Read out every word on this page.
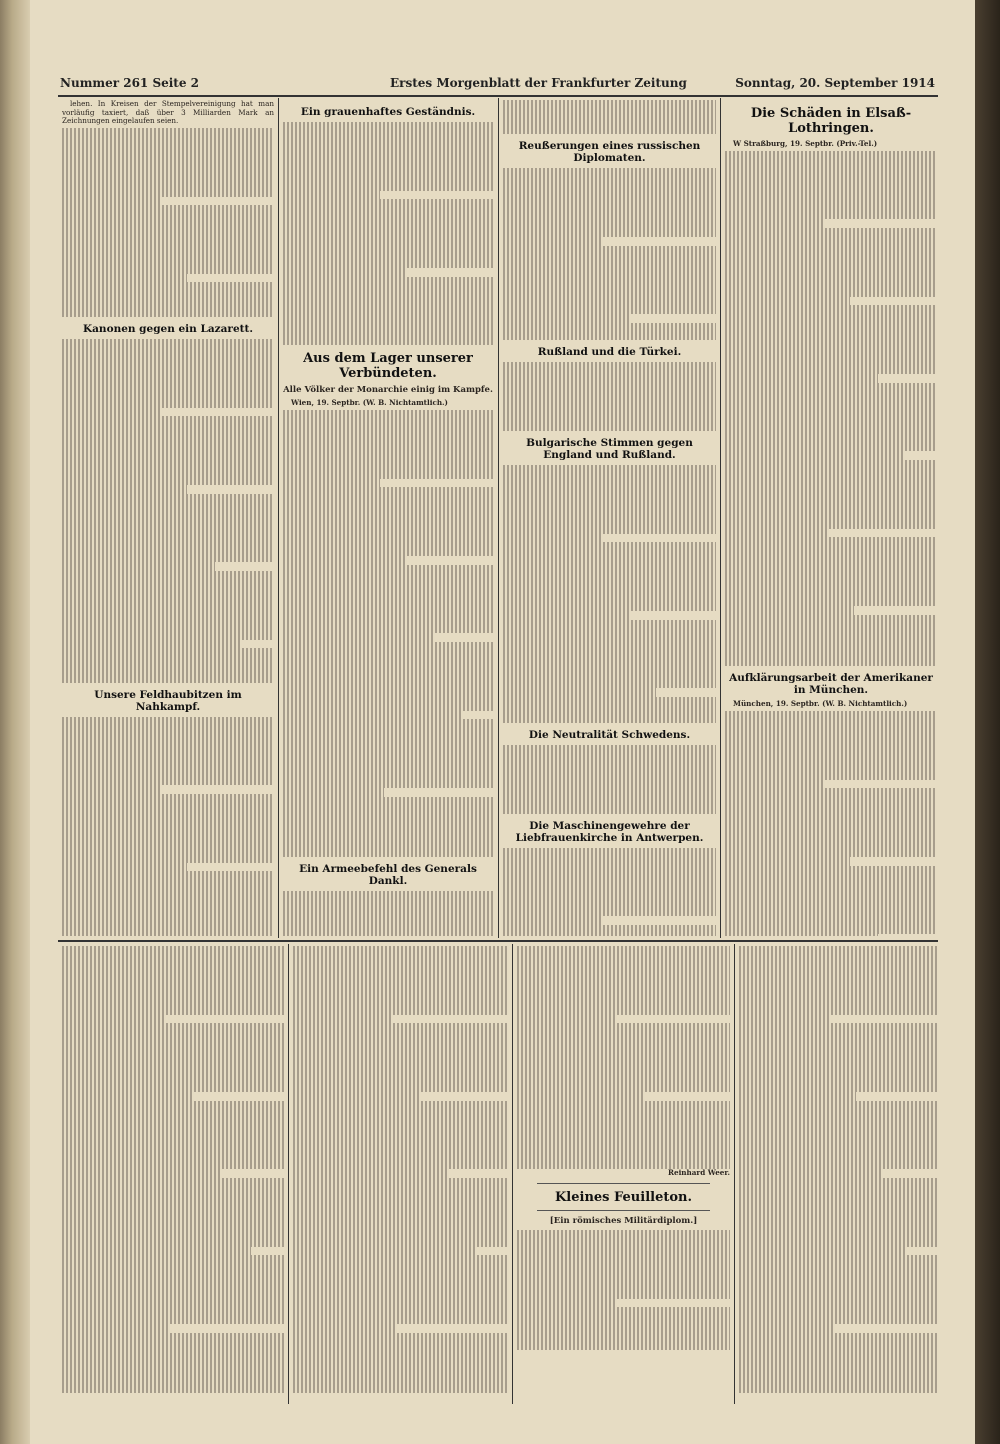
Nummer 261 Seite 2	Erstes Morgenblatt der Frankfurter Zeitung	Sonntag, 20. September 1914

lehen. In Kreisen der Stempelvereinigung hat man vorläufig taxiert, daß über 3 Milliarden Mark an Zeichnungen eingelaufen seien.

Kanonen gegen ein Lazarett.
Unsere Feldhaubitzen im Nahkampf.
Ein grauenhaftes Geständnis.
Aus dem Lager unserer Verbündeten.
Alle Völker der Monarchie einig im Kampfe.

Wien, 19. Septbr. (W. B. Nichtamtlich.)

Ein Armeebefehl des Generals Dankl.
Reußerungen eines russischen Diplomaten.
Rußland und die Türkei.
Bulgarische Stimmen gegen England und Rußland.
Die Neutralität Schwedens.
Die Maschinengewehre der Liebfrauenkirche in Antwerpen.
Die Schäden in Elsaß-Lothringen.

W Straßburg, 19. Septbr. (Priv.-Tel.)

Aufklärungsarbeit der Amerikaner in München.

München, 19. Septbr. (W. B. Nichtamtlich.)

Reinhard Weer.

Kleines Feuilleton.
[Ein römisches Militärdiplom.]
